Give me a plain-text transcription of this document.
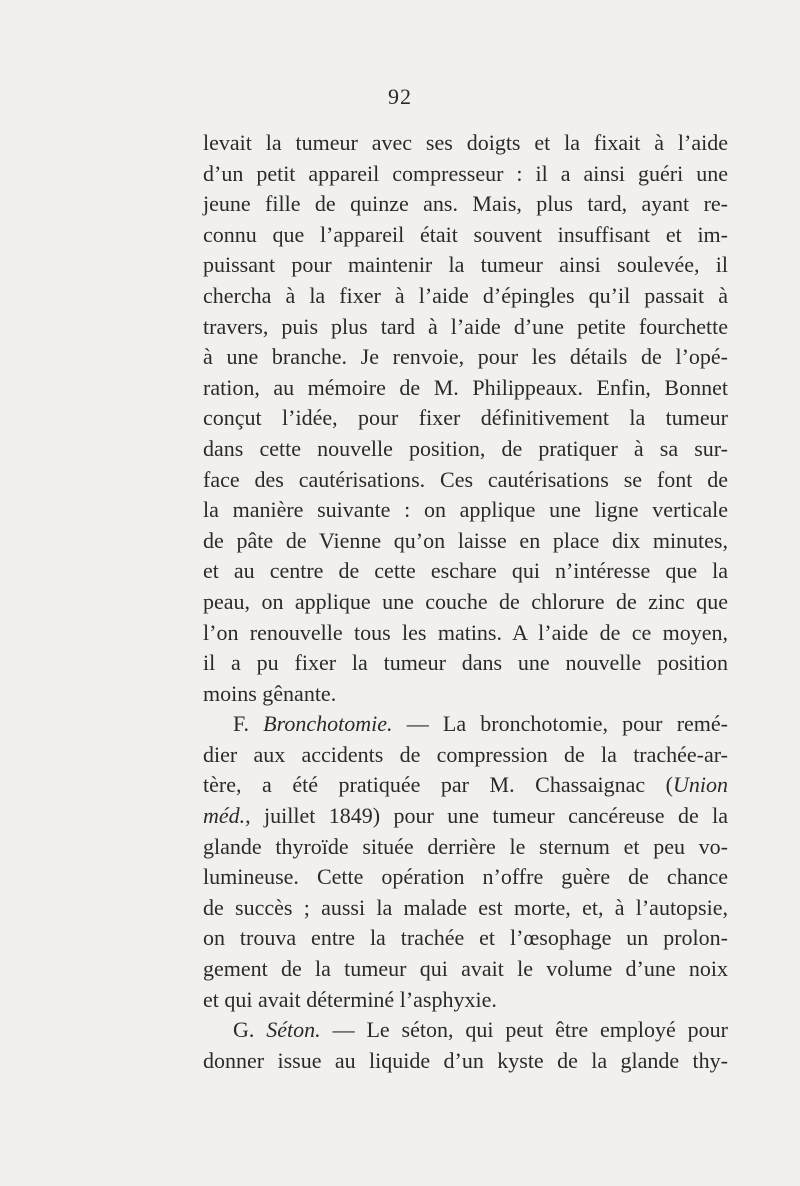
92
levait la tumeur avec ses doigts et la fixait à l’aide
d’un petit appareil compresseur : il a ainsi guéri une
jeune fille de quinze ans. Mais, plus tard, ayant re-
connu que l’appareil était souvent insuffisant et im-
puissant pour maintenir la tumeur ainsi soulevée, il
chercha à la fixer à l’aide d’épingles qu’il passait à
travers, puis plus tard à l’aide d’une petite fourchette
à une branche. Je renvoie, pour les détails de l’opé-
ration, au mémoire de M. Philippeaux. Enfin, Bonnet
conçut l’idée, pour fixer définitivement la tumeur
dans cette nouvelle position, de pratiquer à sa sur-
face des cautérisations. Ces cautérisations se font de
la manière suivante : on applique une ligne verticale
de pâte de Vienne qu’on laisse en place dix minutes,
et au centre de cette eschare qui n’intéresse que la
peau, on applique une couche de chlorure de zinc que
l’on renouvelle tous les matins. A l’aide de ce moyen,
il a pu fixer la tumeur dans une nouvelle position
moins gênante.
F. Bronchotomie. — La bronchotomie, pour remé-
dier aux accidents de compression de la trachée-ar-
tère, a été pratiquée par M. Chassaignac (Union
méd., juillet 1849) pour une tumeur cancéreuse de la
glande thyroïde située derrière le sternum et peu vo-
lumineuse. Cette opération n’offre guère de chance
de succès ; aussi la malade est morte, et, à l’autopsie,
on trouva entre la trachée et l’œsophage un prolon-
gement de la tumeur qui avait le volume d’une noix
et qui avait déterminé l’asphyxie.
G. Séton. — Le séton, qui peut être employé pour
donner issue au liquide d’un kyste de la glande thy-
